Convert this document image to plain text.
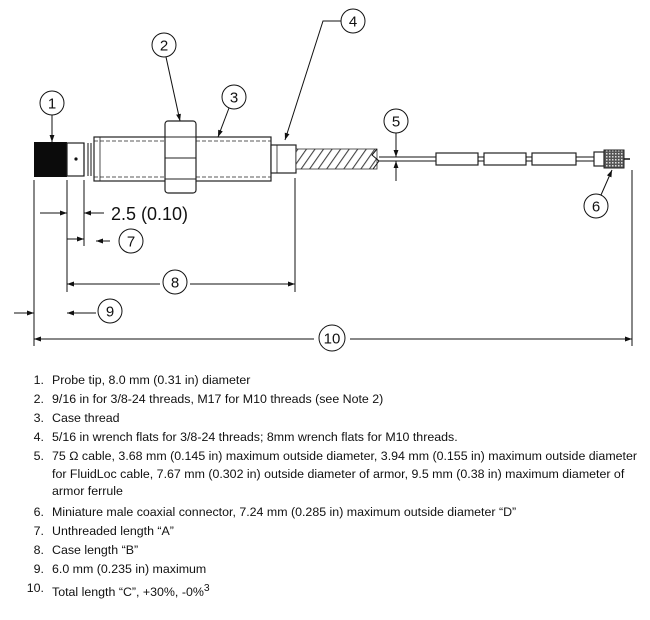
1
2
3
4
5
6
2.5 (0.10)
7
8
9
10
1. Probe tip, 8.0 mm (0.31 in) diameter
2. 9/16 in for 3/8-24 threads, M17 for M10 threads (see Note 2)
3. Case thread
4. 5/16 in wrench flats for 3/8-24 threads; 8mm wrench flats for M10 threads.
5. 75 Ω cable, 3.68 mm (0.145 in) maximum outside diameter, 3.94 mm (0.155 in) maximum outside diameter for FluidLoc cable, 7.67 mm (0.302 in) outside diameter of armor, 9.5 mm (0.38 in) maximum diameter of armor ferrule
6. Miniature male coaxial connector, 7.24 mm (0.285 in) maximum outside diameter “D”
7. Unthreaded length “A”
8. Case length “B”
9. 6.0 mm (0.235 in) maximum
10. Total length “C”, +30%, -0%$^3$
